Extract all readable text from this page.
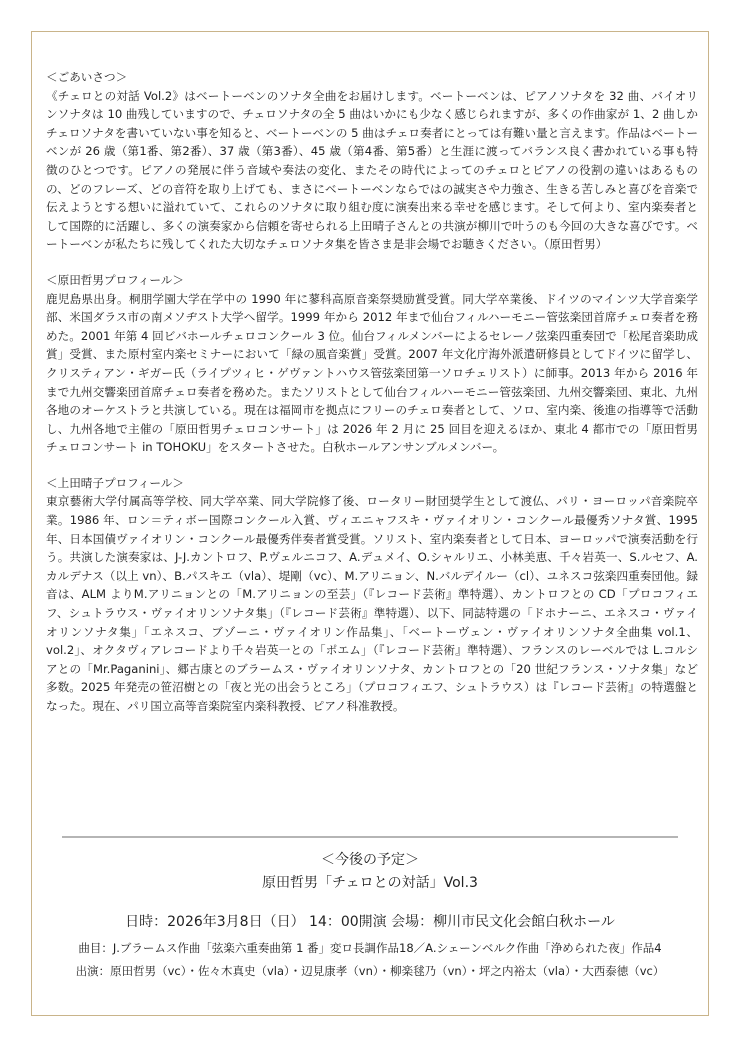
＜ごあいさつ＞

《チェロとの対話 Vol.2》はベートーベンのソナタ全曲をお届けします。ベートーベンは、ピアノソナタを 32 曲、バイオリンソナタは 10 曲残していますので、チェロソナタの全 5 曲はいかにも少なく感じられますが、多くの作曲家が 1、2 曲しかチェロソナタを書いていない事を知ると、ベートーベンの 5 曲はチェロ奏者にとっては有難い量と言えます。作品はベートーベンが 26 歳（第1番、第2番）、37 歳（第3番）、45 歳（第4番、第5番）と生涯に渡ってバランス良く書かれている事も特徴のひとつです。ピアノの発展に伴う音域や奏法の変化、またその時代によってのチェロとピアノの役割の違いはあるものの、どのフレーズ、どの音符を取り上げても、まさにベートーベンならではの誠実さや力強さ、生きる苦しみと喜びを音楽で伝えようとする想いに溢れていて、これらのソナタに取り組む度に演奏出来る幸せを感じます。そして何より、室内楽奏者として国際的に活躍し、多くの演奏家から信頼を寄せられる上田晴子さんとの共演が柳川で叶うのも今回の大きな喜びです。ベートーベンが私たちに残してくれた大切なチェロソナタ集を皆さま是非会場でお聴きください。（原田哲男）

＜原田哲男プロフィール＞

鹿児島県出身。桐朋学園大学在学中の 1990 年に蓼科高原音楽祭奨励賞受賞。同大学卒業後、ドイツのマインツ大学音楽学部、米国ダラス市の南メソヂスト大学へ留学。1999 年から 2012 年まで仙台フィルハーモニー管弦楽団首席チェロ奏者を務めた。2001 年第 4 回ビバホールチェロコンクール 3 位。仙台フィルメンバーによるセレーノ弦楽四重奏団で「松尾音楽助成賞」受賞、また原村室内楽セミナーにおいて「緑の風音楽賞」受賞。2007 年文化庁海外派遣研修員としてドイツに留学し、クリスティアン・ギガー氏（ライプツィヒ・ゲヴァントハウス管弦楽団第一ソロチェリスト）に師事。2013 年から 2016 年まで九州交響楽団首席チェロ奏者を務めた。またソリストとして仙台フィルハーモニー管弦楽団、九州交響楽団、東北、九州各地のオーケストラと共演している。現在は福岡市を拠点にフリーのチェロ奏者として、ソロ、室内楽、後進の指導等で活動し、九州各地で主催の「原田哲男チェロコンサート」は 2026 年 2 月に 25 回目を迎えるほか、東北 4 都市での「原田哲男チェロコンサート in TOHOKU」をスタートさせた。白秋ホールアンサンブルメンバー。

＜上田晴子プロフィール＞

東京藝術大学付属高等学校、同大学卒業、同大学院修了後、ロータリー財団奨学生として渡仏、パリ・ヨーロッパ音楽院卒業。1986 年、ロン＝ティボー国際コンクール入賞、ヴィエニャフスキ・ヴァイオリン・コンクール最優秀ソナタ賞、1995 年、日本国債ヴァイオリン・コンクール最優秀伴奏者賞受賞。ソリスト、室内楽奏者として日本、ヨーロッパで演奏活動を行う。共演した演奏家は、J-J.カントロフ、P.ヴェルニコフ、A.デュメイ、O.シャルリエ、小林美恵、千々岩英一、S.ルセフ、A.カルデナス（以上 vn）、B.パスキエ（vla）、堤剛（vc）、M.アリニョン、N.バルデイルー（cl）、ユネスコ弦楽四重奏団他。録音は、ALM よりM.アリニョンとの「M.アリニョンの至芸」（『レコード芸術』準特選）、カントロフとの CD「プロコフィエフ、シュトラウス・ヴァイオリンソナタ集」（『レコード芸術』準特選）、以下、同誌特選の「ドホナーニ、エネスコ・ヴァイオリンソナタ集」「エネスコ、ブゾーニ・ヴァイオリン作品集」、「ベートーヴェン・ヴァイオリンソナタ全曲集 vol.1、vol.2」、オクタヴィアレコードより千々岩英一との「ポエム」（『レコード芸術』準特選）、フランスのレーベルでは L.コルシアとの「Mr.Paganini」、郷古康とのブラームス・ヴァイオリンソナタ、カントロフとの「20 世紀フランス・ソナタ集」など多数。2025 年発売の笹沼樹との「夜と光の出会うところ」（プロコフィエフ、シュトラウス）は『レコード芸術』の特選盤となった。現在、パリ国立高等音楽院室内楽科教授、ピアノ科准教授。

＜今後の予定＞

原田哲男「チェロとの対話」Vol.3

日時：2026年3月8日（日） 14：00開演 会場：柳川市民文化会館白秋ホール

曲目：J.ブラームス作曲「弦楽六重奏曲第 1 番」変ロ長調作品18／A.シェーンベルク作曲「浄められた夜」作品4

出演：原田哲男（vc）・佐々木真史（vla）・辺見康孝（vn）・柳楽毬乃（vn）・坪之内裕太（vla）・大西泰徳（vc）
